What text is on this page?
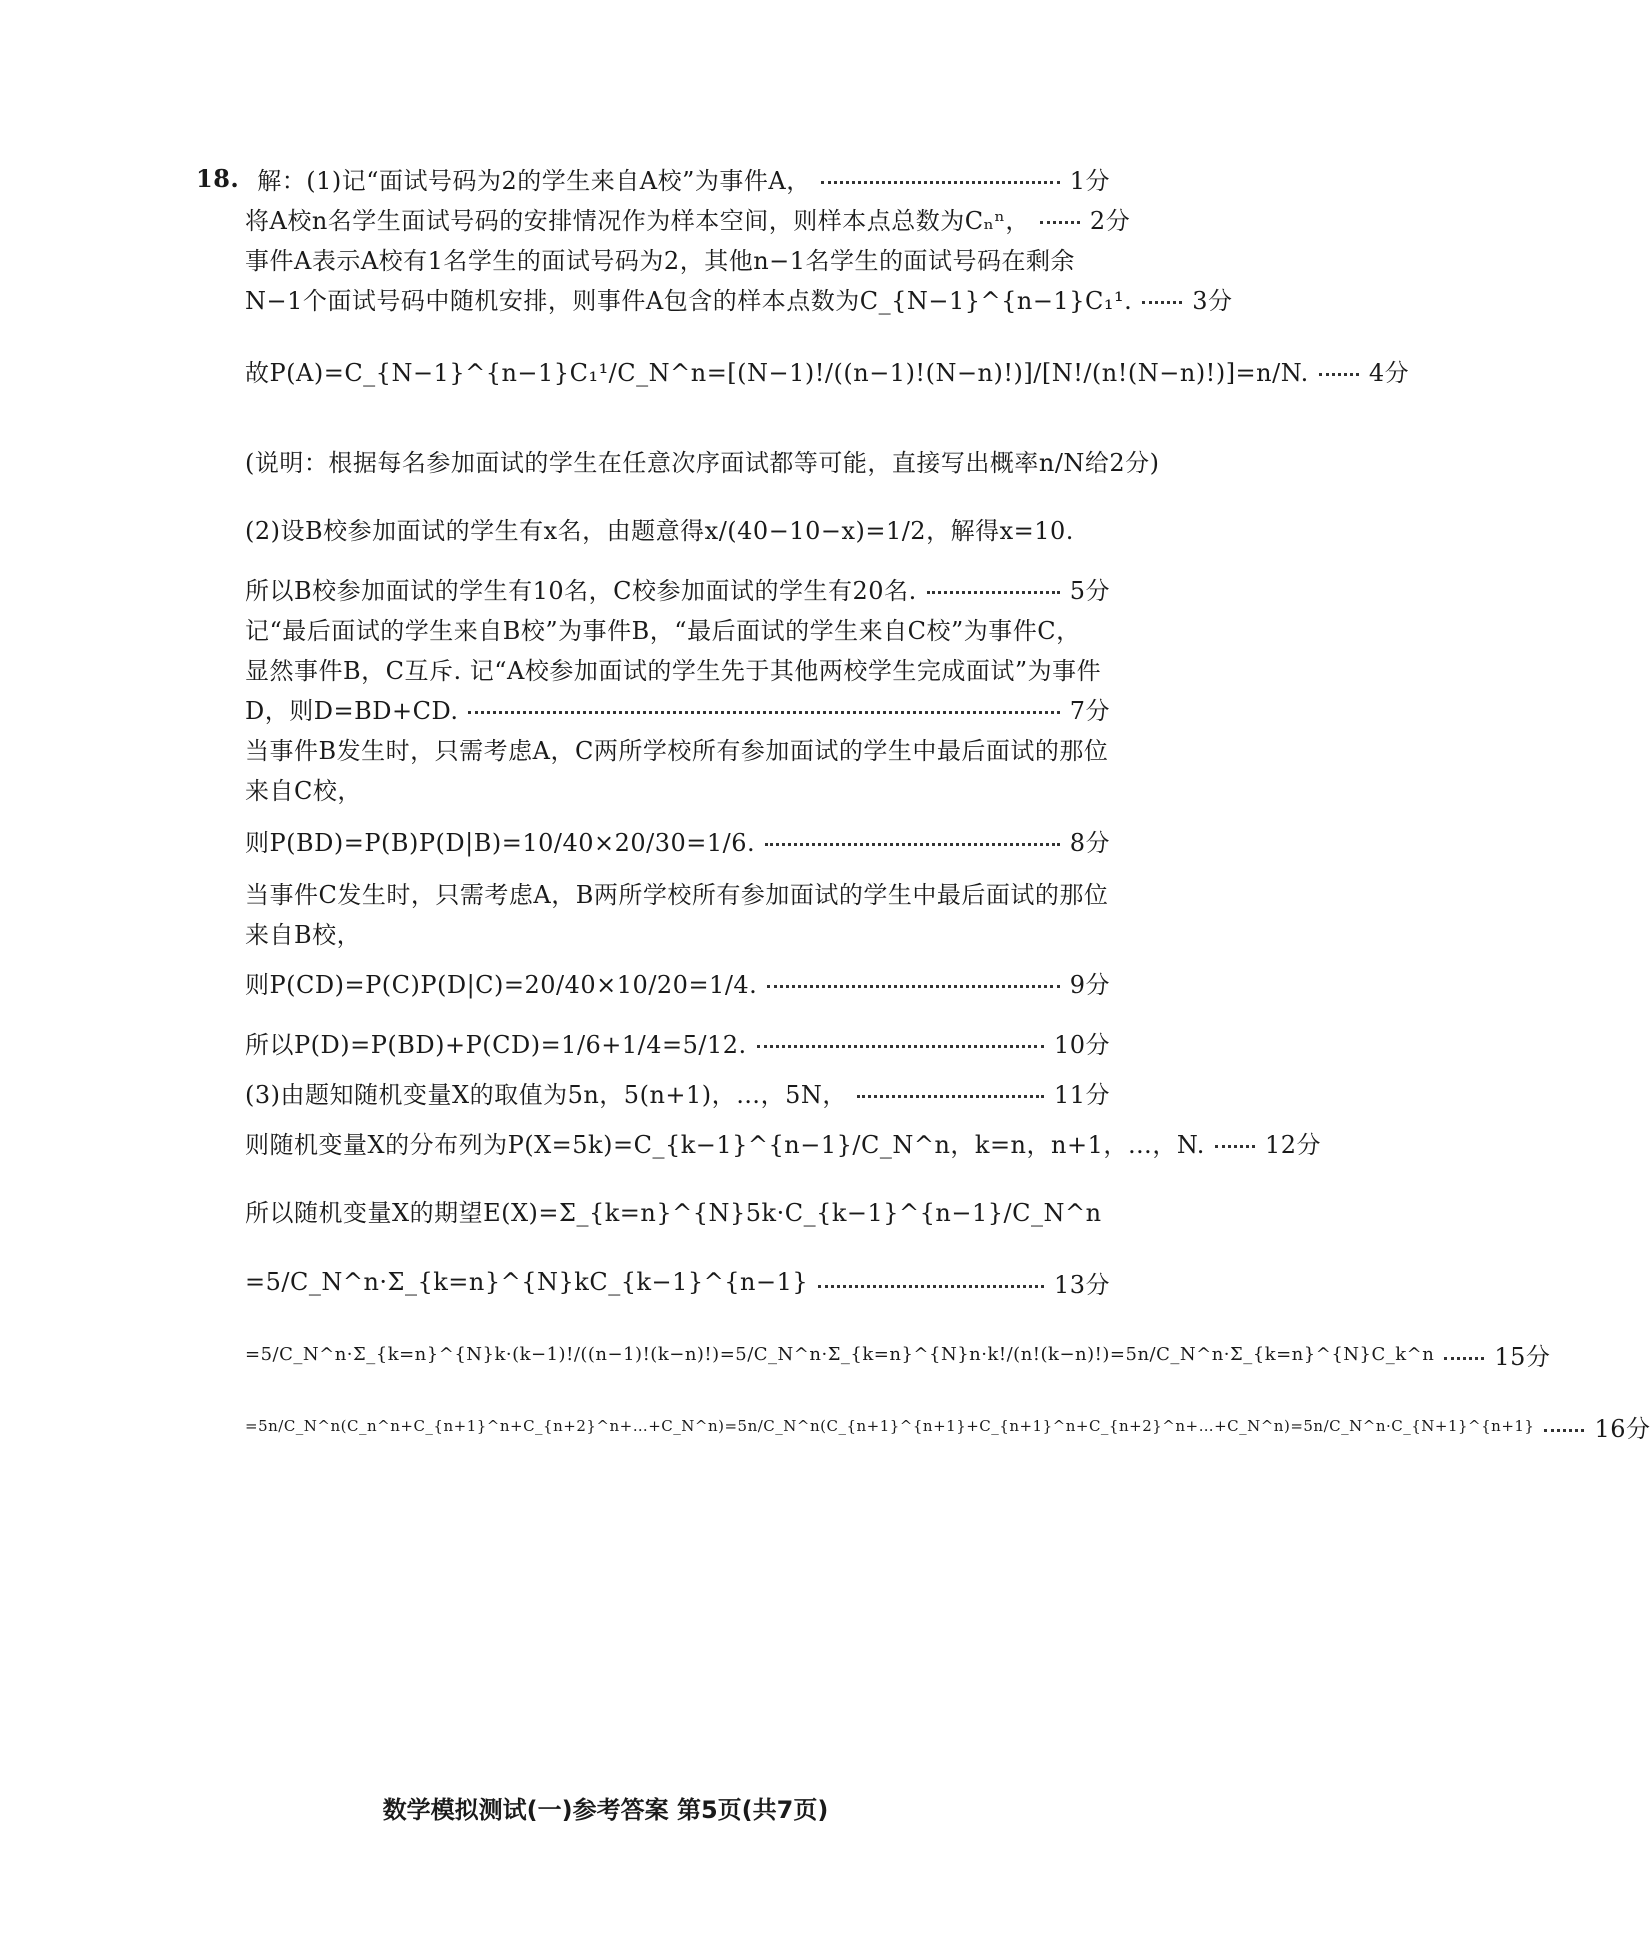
18. 解：(1)记“面试号码为2的学生来自A校”为事件A，	1分
将A校n名学生面试号码的安排情况作为样本空间，则样本点总数为Cₙⁿ，	2分
事件A表示A校有1名学生的面试号码为2，其他n−1名学生的面试号码在剩余
N−1个面试号码中随机安排，则事件A包含的样本点数为C_{N−1}^{n−1}C₁¹.	3分
故P(A)=C_{N−1}^{n−1}C₁¹/C_N^n=[(N−1)!/((n−1)!(N−n)!)]/[N!/(n!(N−n)!)]=n/N.	4分
(说明：根据每名参加面试的学生在任意次序面试都等可能，直接写出概率n/N给2分)
(2)设B校参加面试的学生有x名，由题意得x/(40−10−x)=1/2，解得x=10.
所以B校参加面试的学生有10名，C校参加面试的学生有20名.	5分
记“最后面试的学生来自B校”为事件B，“最后面试的学生来自C校”为事件C，
显然事件B，C互斥. 记“A校参加面试的学生先于其他两校学生完成面试”为事件
D，则D=BD+CD.	7分
当事件B发生时，只需考虑A，C两所学校所有参加面试的学生中最后面试的那位
来自C校，
则P(BD)=P(B)P(D|B)=10/40×20/30=1/6.	8分
当事件C发生时，只需考虑A，B两所学校所有参加面试的学生中最后面试的那位
来自B校，
则P(CD)=P(C)P(D|C)=20/40×10/20=1/4.	9分
所以P(D)=P(BD)+P(CD)=1/6+1/4=5/12.	10分
(3)由题知随机变量X的取值为5n，5(n+1)，…，5N，	11分
则随机变量X的分布列为P(X=5k)=C_{k−1}^{n−1}/C_N^n，k=n，n+1，…，N.	12分
所以随机变量X的期望E(X)=Σ_{k=n}^{N}5k·C_{k−1}^{n−1}/C_N^n
=5/C_N^n·Σ_{k=n}^{N}kC_{k−1}^{n−1}	13分
=5/C_N^n·Σ_{k=n}^{N}k·(k−1)!/((n−1)!(k−n)!)=5/C_N^n·Σ_{k=n}^{N}n·k!/(n!(k−n)!)=5n/C_N^n·Σ_{k=n}^{N}C_k^n	15分
=5n/C_N^n(C_n^n+C_{n+1}^n+C_{n+2}^n+…+C_N^n)=5n/C_N^n(C_{n+1}^{n+1}+C_{n+1}^n+C_{n+2}^n+…+C_N^n)=5n/C_N^n·C_{N+1}^{n+1}	16分
数学模拟测试(一)参考答案 第5页(共7页)
